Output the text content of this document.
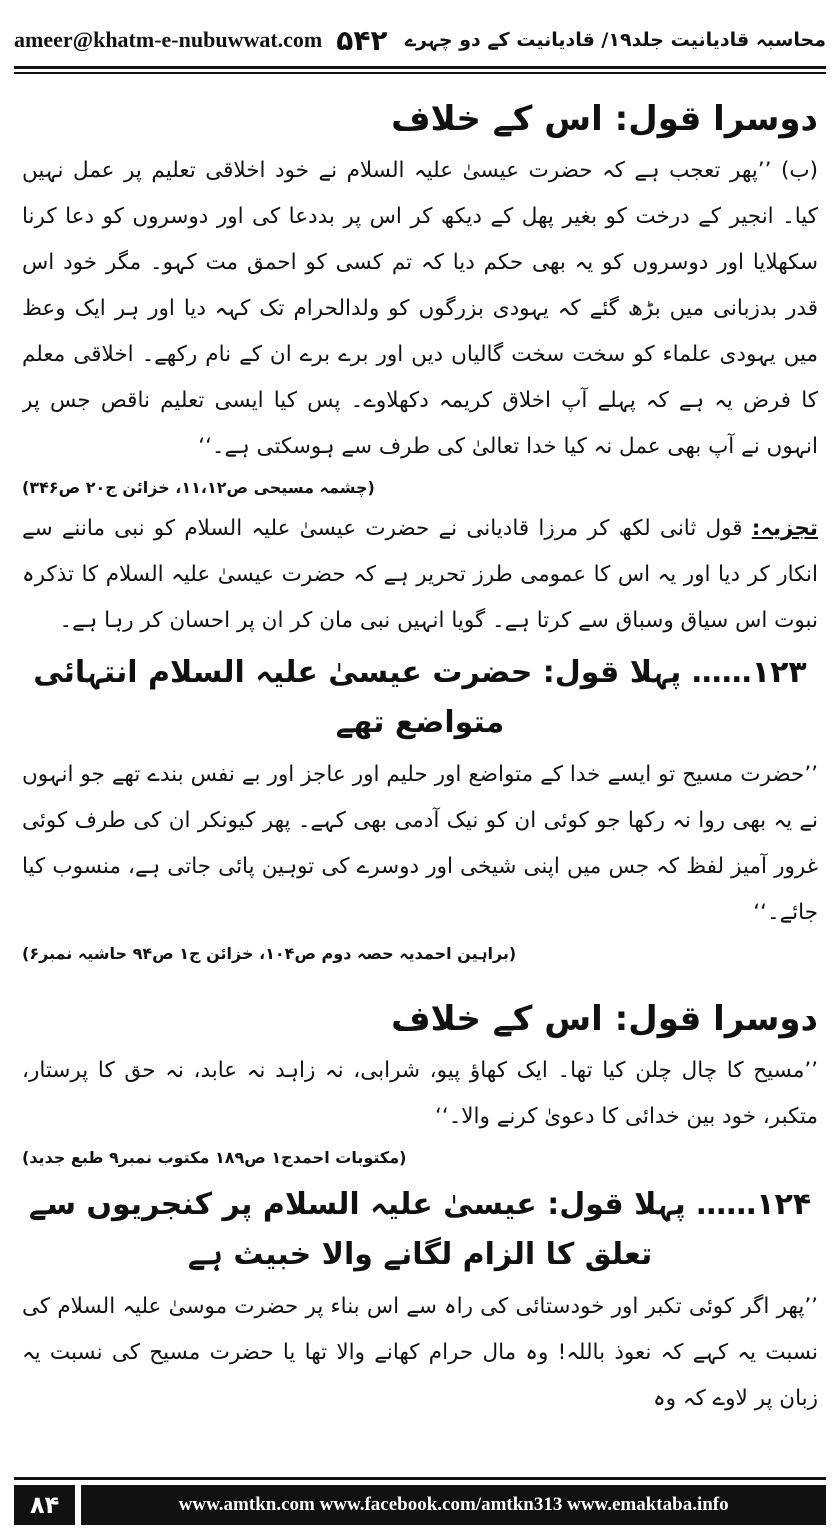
ameer@khatm-e-nubuwwat.com ۵۴۲ محاسبہ قادیانیت جلد۱۹/ قادیانیت کے دو چہرے
دوسرا قول: اس کے خلاف

(ب) ’’پھر تعجب ہے کہ حضرت عیسیٰ علیہ السلام نے خود اخلاقی تعلیم پر عمل نہیں کیا۔ انجیر کے درخت کو بغیر پھل کے دیکھ کر اس پر بددعا کی اور دوسروں کو دعا کرنا سکھلایا اور دوسروں کو یہ بھی حکم دیا کہ تم کسی کو احمق مت کہو۔ مگر خود اس قدر بدزبانی میں بڑھ گئے کہ یہودی بزرگوں کو ولدالحرام تک کہہ دیا اور ہر ایک وعظ میں یہودی علماء کو سخت سخت گالیاں دیں اور برے برے ان کے نام رکھے۔ اخلاقی معلم کا فرض یہ ہے کہ پہلے آپ اخلاق کریمہ دکھلاوے۔ پس کیا ایسی تعلیم ناقص جس پر انہوں نے آپ بھی عمل نہ کیا خدا تعالیٰ کی طرف سے ہوسکتی ہے۔‘‘

(چشمہ مسیحی ص۱۱،۱۲، خزائن ج۲۰ ص۳۴۶)

تجزیہ: قول ثانی لکھ کر مرزا قادیانی نے حضرت عیسیٰ علیہ السلام کو نبی ماننے سے انکار کر دیا اور یہ اس کا عمومی طرز تحریر ہے کہ حضرت عیسیٰ علیہ السلام کا تذکرہ نبوت اس سیاق وسباق سے کرتا ہے۔ گویا انہیں نبی مان کر ان پر احسان کر رہا ہے۔

۱۲۳…… پہلا قول: حضرت عیسیٰ علیہ السلام انتہائی متواضع تھے

’’حضرت مسیح تو ایسے خدا کے متواضع اور حلیم اور عاجز اور بے نفس بندے تھے جو انہوں نے یہ بھی روا نہ رکھا جو کوئی ان کو نیک آدمی بھی کہے۔ پھر کیونکر ان کی طرف کوئی غرور آمیز لفظ کہ جس میں اپنی شیخی اور دوسرے کی توہین پائی جاتی ہے، منسوب کیا جائے۔‘‘

(براہین احمدیہ حصہ دوم ص۱۰۴، خزائن ج۱ ص۹۴ حاشیہ نمبر۶)
دوسرا قول: اس کے خلاف

’’مسیح کا چال چلن کیا تھا۔ ایک کھاؤ پیو، شرابی، نہ زاہد نہ عابد، نہ حق کا پرستار، متکبر، خود بین خدائی کا دعویٰ کرنے والا۔‘‘

(مکتوبات احمدج۱ ص۱۸۹ مکتوب نمبر۹ طبع جدید)
۱۲۴…… پہلا قول: عیسیٰ علیہ السلام پر کنجریوں سے تعلق کا الزام لگانے والا خبیث ہے

’’پھر اگر کوئی تکبر اور خودستائی کی راہ سے اس بناء پر حضرت موسیٰ علیہ السلام کی نسبت یہ کہے کہ نعوذ باللہ! وہ مال حرام کھانے والا تھا یا حضرت مسیح کی نسبت یہ زبان پر لاوے کہ وہ

۸۴	www.amtkn.com www.facebook.com/amtkn313 www.emaktaba.info
